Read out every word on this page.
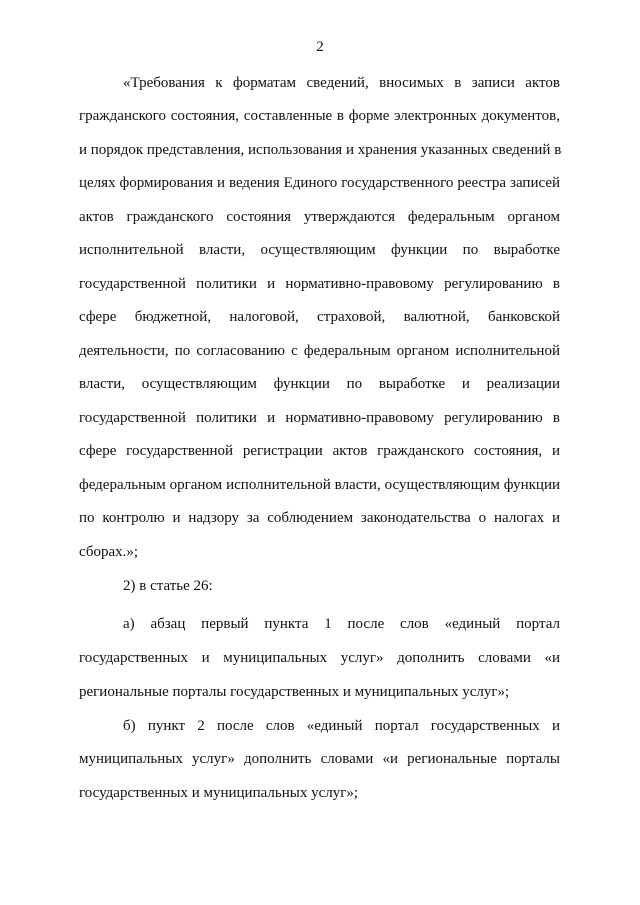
2
«Требования к форматам сведений, вносимых в записи актов
гражданского состояния, составленные в форме электронных документов,
и порядок представления, использования и хранения указанных сведений в
целях формирования и ведения Единого государственного реестра записей
актов гражданского состояния утверждаются федеральным органом
исполнительной власти, осуществляющим функции по выработке
государственной политики и нормативно-правовому регулированию в
сфере бюджетной, налоговой, страховой, валютной, банковской
деятельности, по согласованию с федеральным органом исполнительной
власти, осуществляющим функции по выработке и реализации
государственной политики и нормативно-правовому регулированию в
сфере государственной регистрации актов гражданского состояния, и
федеральным органом исполнительной власти, осуществляющим функции
по контролю и надзору за соблюдением законодательства о налогах и
сборах.»;
2) в статье 26:
а) абзац первый пункта 1 после слов «единый портал
государственных и муниципальных услуг» дополнить словами «и
региональные порталы государственных и муниципальных услуг»;
б) пункт 2 после слов «единый портал государственных и
муниципальных услуг» дополнить словами «и региональные порталы
государственных и муниципальных услуг»;
